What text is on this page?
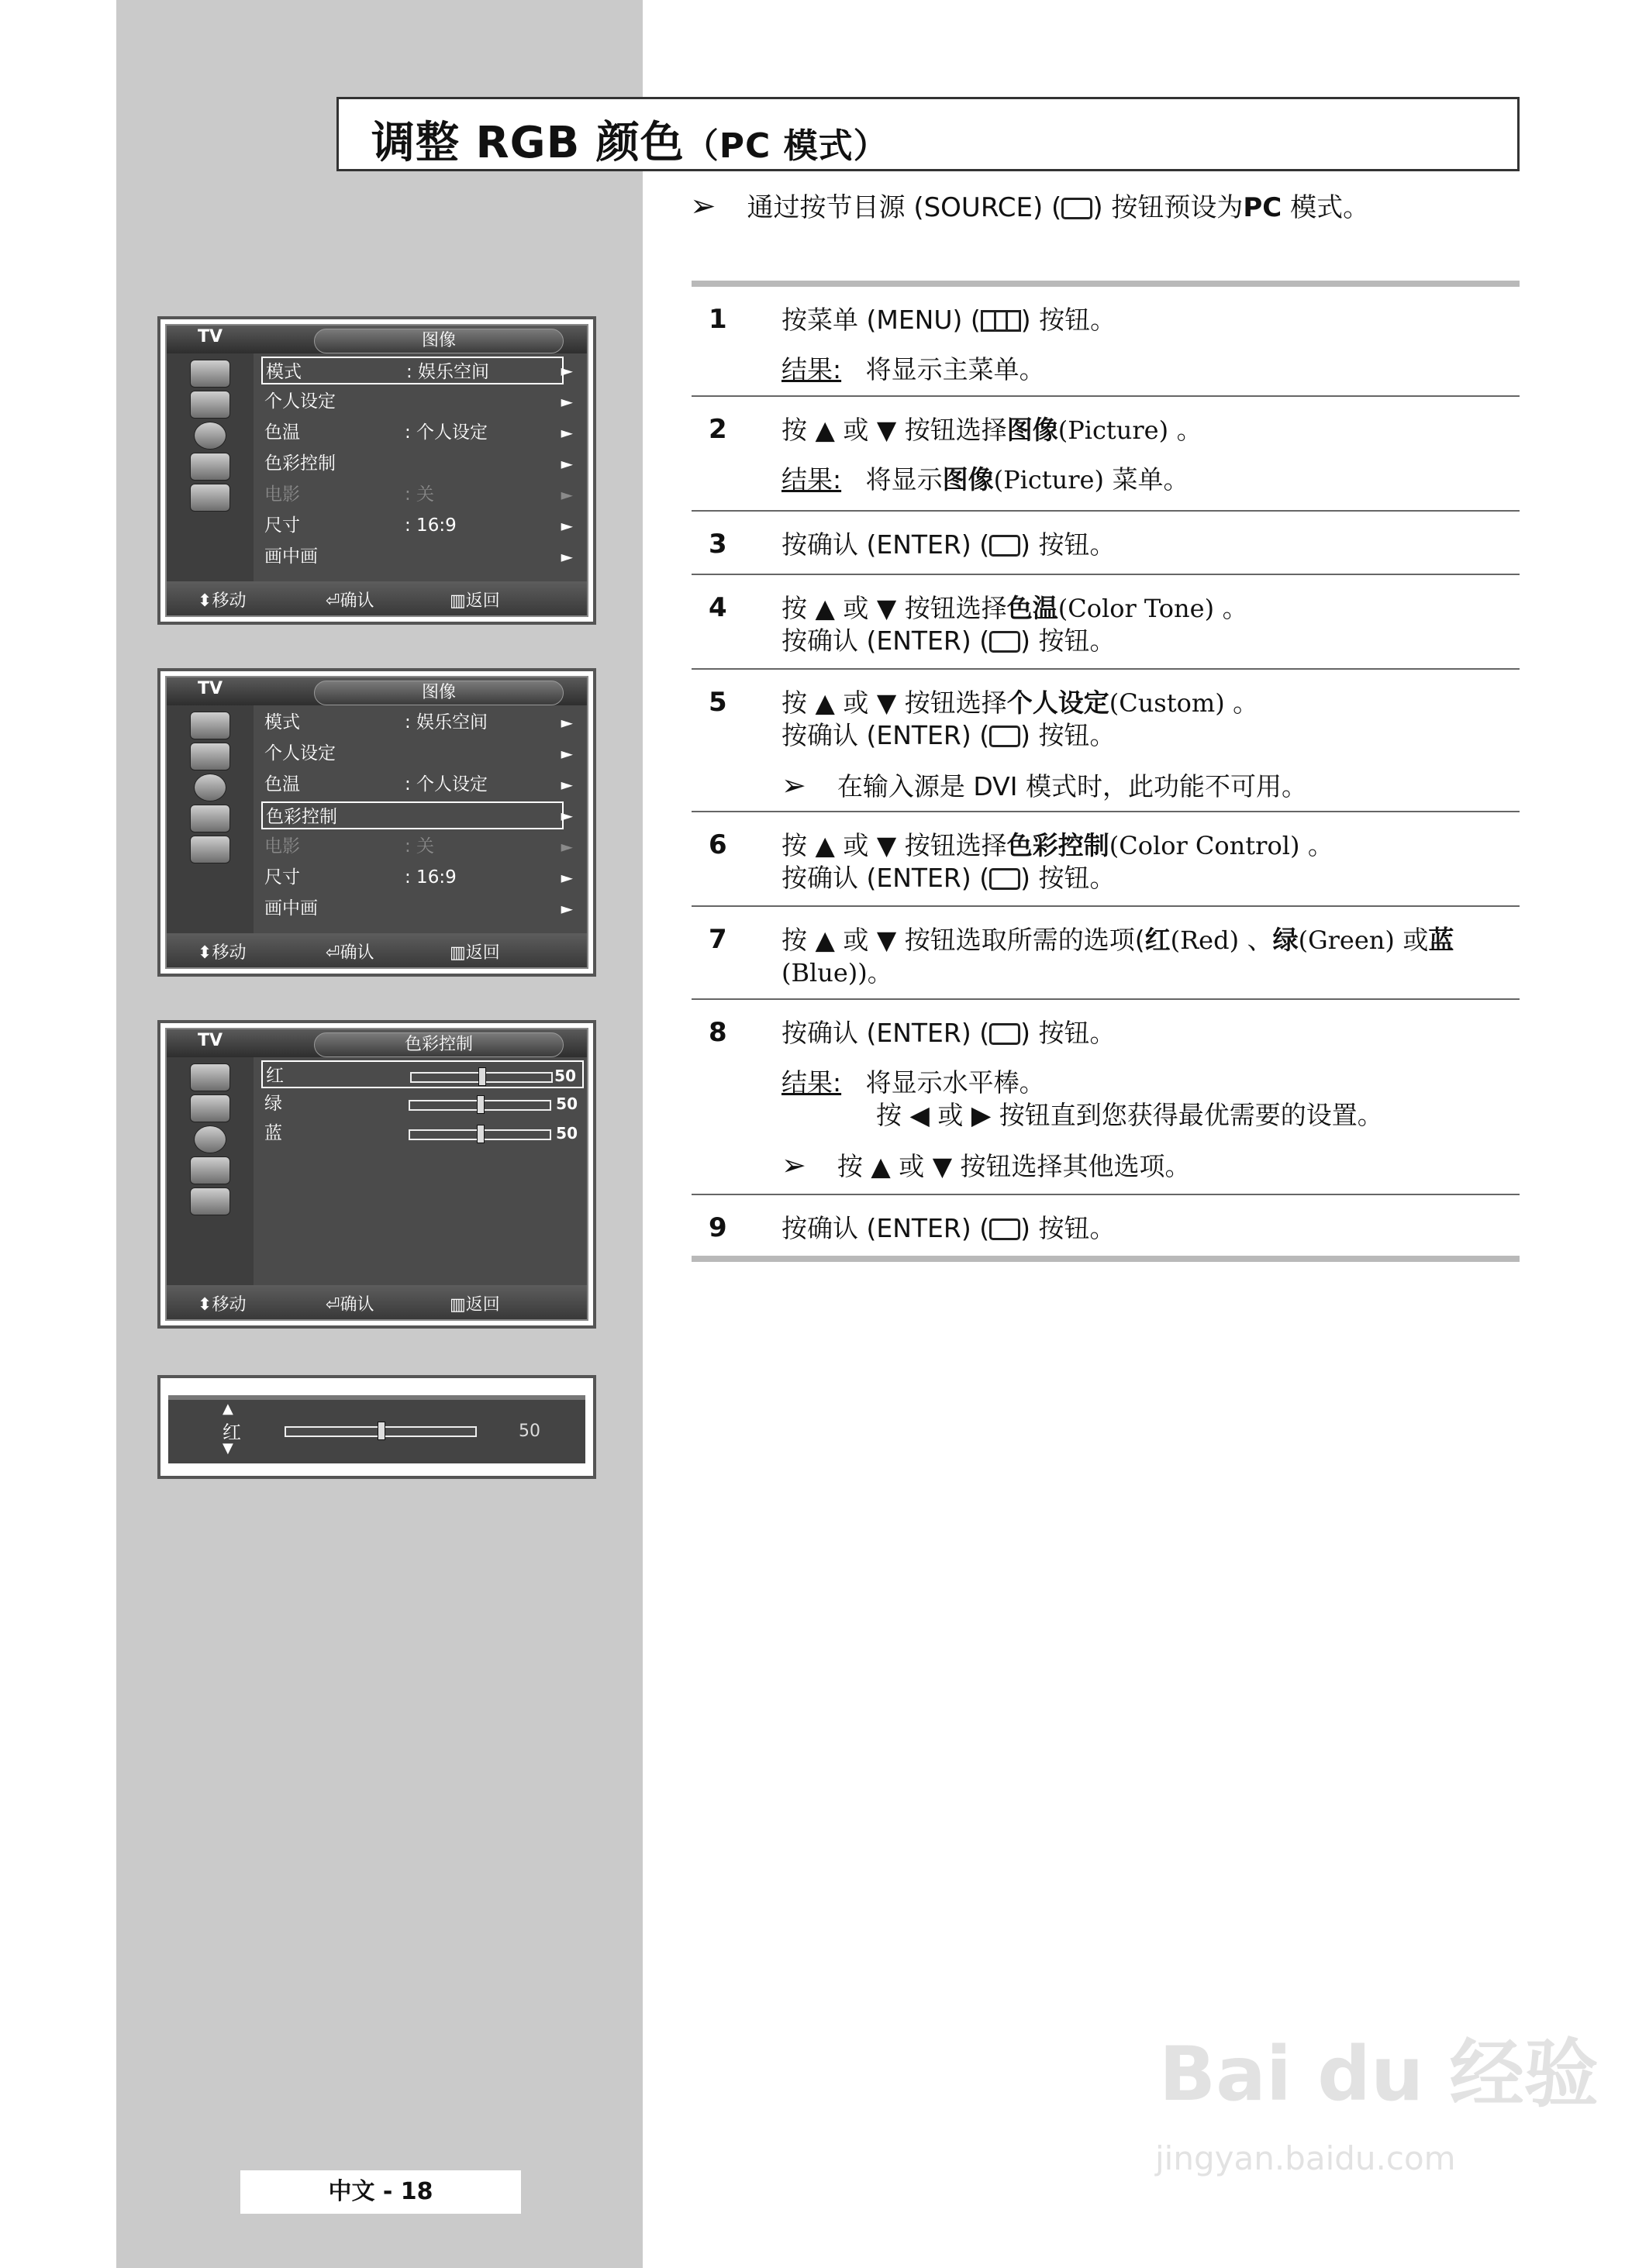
调整 RGB 颜色（PC 模式）
➢ 通过按节目源 (SOURCE) ( ) 按钮预设为PC 模式。
1 按菜单 (MENU) ( ) 按钮。
结果: 将显示主菜单。
2 按 ▲ 或 ▼ 按钮选择图像(Picture) 。
结果: 将显示图像(Picture) 菜单。
3 按确认 (ENTER) ( ) 按钮。
4 按 ▲ 或 ▼ 按钮选择色温(Color Tone) 。
按确认 (ENTER) ( ) 按钮。
5 按 ▲ 或 ▼ 按钮选择个人设定(Custom) 。
按确认 (ENTER) ( ) 按钮。
➢ 在输入源是 DVI 模式时，此功能不可用。
6 按 ▲ 或 ▼ 按钮选择色彩控制(Color Control) 。
按确认 (ENTER) ( ) 按钮。
7 按 ▲ 或 ▼ 按钮选取所需的选项(红(Red) 、绿(Green) 或蓝
(Blue))。
8 按确认 (ENTER) ( ) 按钮。
结果: 将显示水平棒。
按 ◀ 或 ▶ 按钮直到您获得最优需要的设置。
➢ 按 ▲ 或 ▼ 按钮选择其他选项。
9 按确认 (ENTER) ( ) 按钮。
TV	图像
模式	: 娱乐空间	►
个人设定	►
色温	: 个人设定	►
色彩控制	►
电影	: 关	►
尺寸	: 16:9	►
画中画	►
⬍移动	⏎确认	▥返回
TV	图像
模式	: 娱乐空间	►
个人设定	►
色温	: 个人设定	►
色彩控制	►
电影	: 关	►
尺寸	: 16:9	►
画中画	►
⬍移动	⏎确认	▥返回
TV	色彩控制
红	50
绿	50
蓝	50
⬍移动	⏎确认	▥返回
▲
红
▼
50
中文 - 18
Bai du 经验
jingyan.baidu.com
